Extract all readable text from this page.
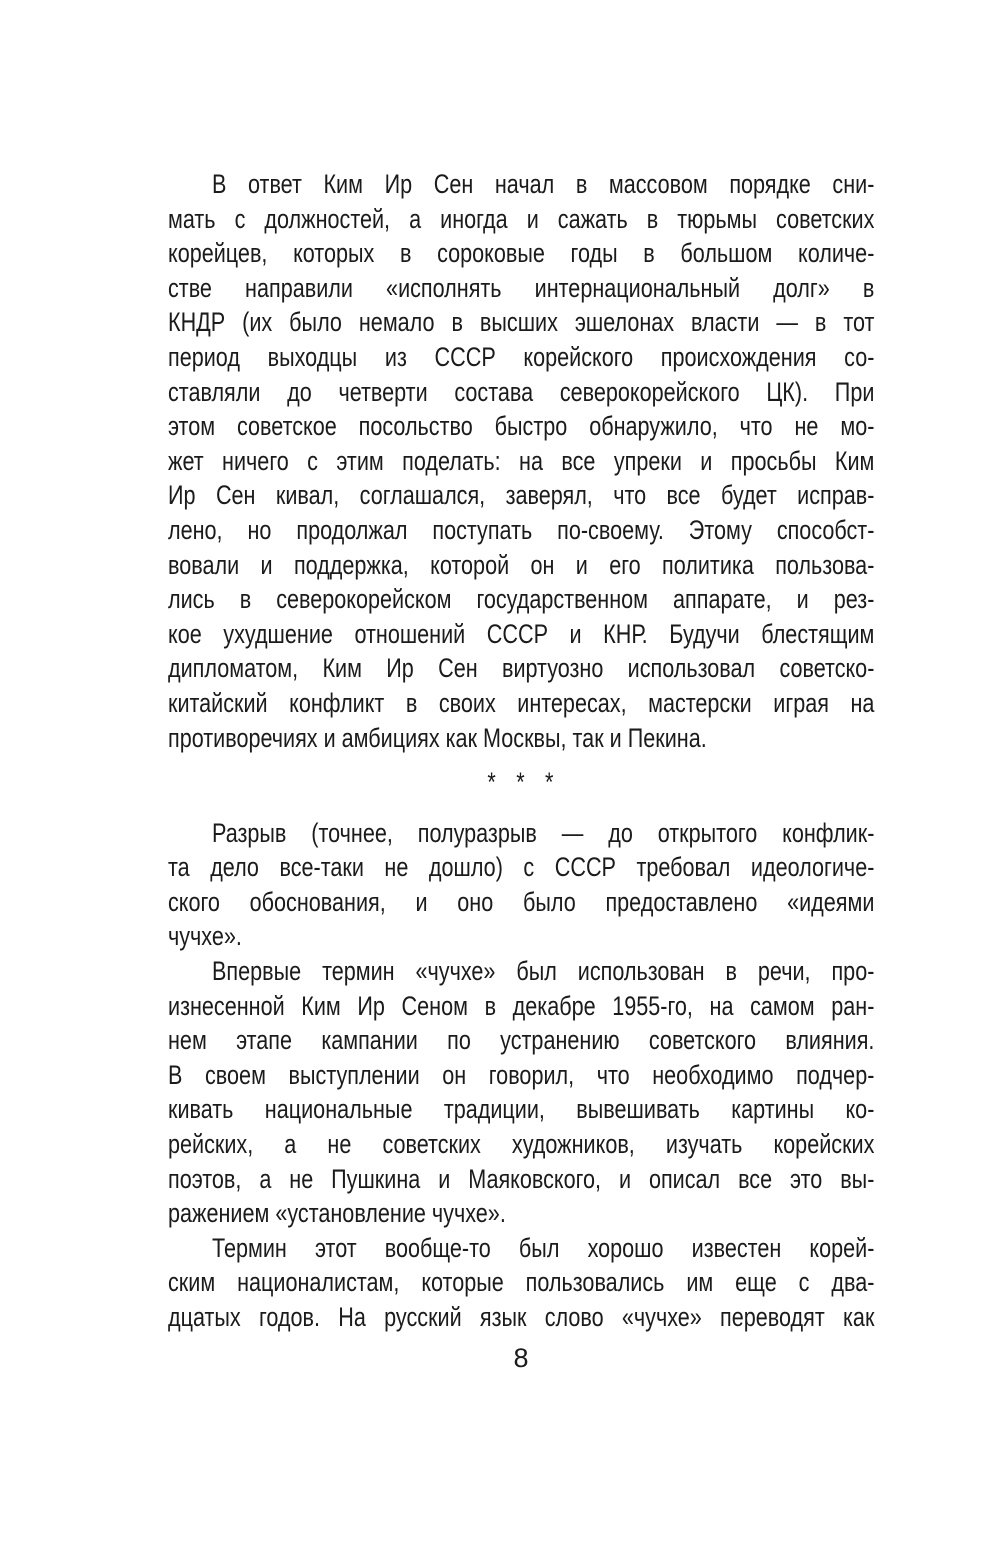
В ответ Ким Ир Сен начал в массовом порядке сни-
мать с должностей, а иногда и сажать в тюрьмы советских
корейцев, которых в сороковые годы в большом количе-
стве направили «исполнять интернациональный долг» в
КНДР (их было немало в высших эшелонах власти — в тот
период выходцы из СССР корейского происхождения со-
ставляли до четверти состава северокорейского ЦК). При
этом советское посольство быстро обнаружило, что не мо-
жет ничего с этим поделать: на все упреки и просьбы Ким
Ир Сен кивал, соглашался, заверял, что все будет исправ-
лено, но продолжал поступать по-своему. Этому способст-
вовали и поддержка, которой он и его политика пользова-
лись в северокорейском государственном аппарате, и рез-
кое ухудшение отношений СССР и КНР. Будучи блестящим
дипломатом, Ким Ир Сен виртуозно использовал советско-
китайский конфликт в своих интересах, мастерски играя на
противоречиях и амбициях как Москвы, так и Пекина.
* * *
Разрыв (точнее, полуразрыв — до открытого конфлик-
та дело все-таки не дошло) с СССР требовал идеологиче-
ского обоснования, и оно было предоставлено «идеями
чучхе».
Впервые термин «чучхе» был использован в речи, про-
изнесенной Ким Ир Сеном в декабре 1955-го, на самом ран-
нем этапе кампании по устранению советского влияния.
В своем выступлении он говорил, что необходимо подчер-
кивать национальные традиции, вывешивать картины ко-
рейских, а не советских художников, изучать корейских
поэтов, а не Пушкина и Маяковского, и описал все это вы-
ражением «установление чучхе».
Термин этот вообще-то был хорошо известен корей-
ским националистам, которые пользовались им еще с два-
дцатых годов. На русский язык слово «чучхе» переводят как
8
